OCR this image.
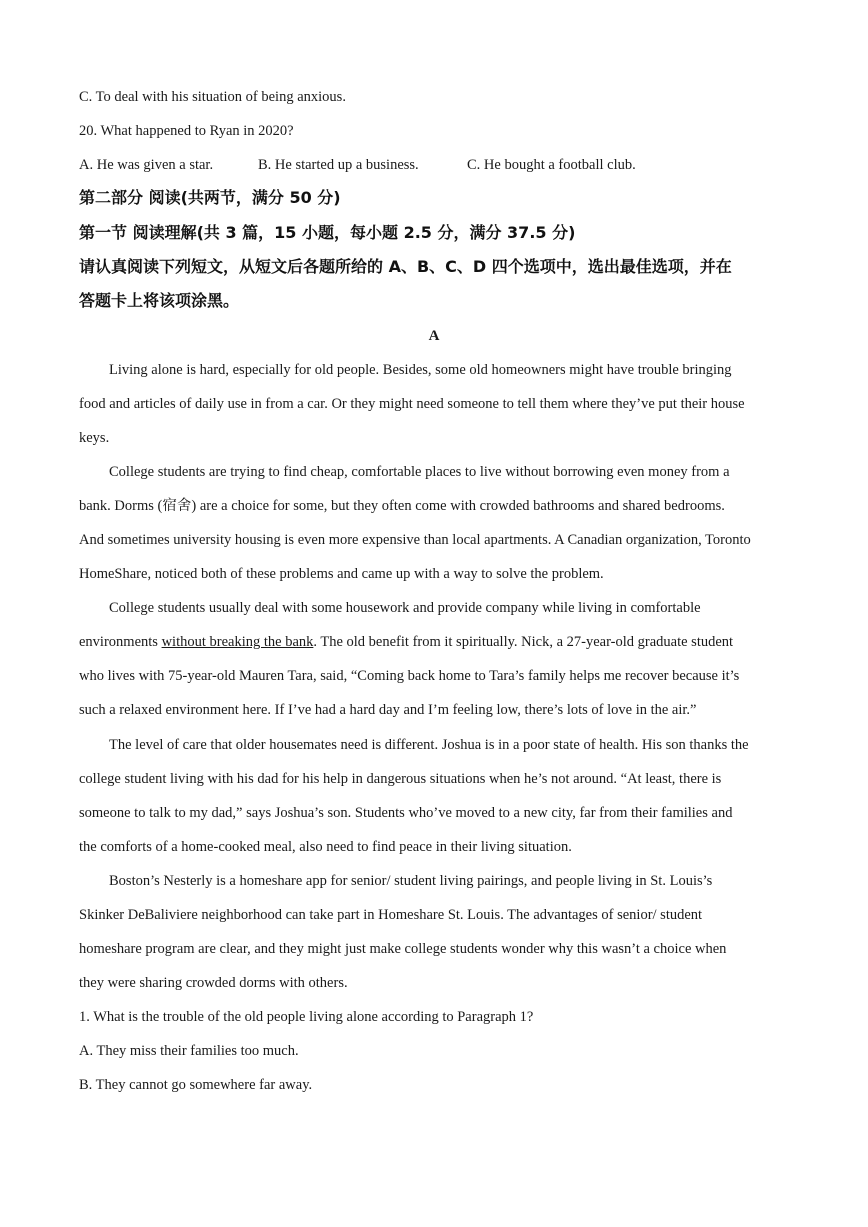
C. To deal with his situation of being anxious.
20. What happened to Ryan in 2020?
A. He was given a star.	B. He started up a business.	C. He bought a football club.
第二部分 阅读(共两节，满分 50 分)
第一节 阅读理解(共 3 篇，15 小题，每小题 2.5 分，满分 37.5 分)
请认真阅读下列短文，从短文后各题所给的 A、B、C、D 四个选项中，选出最佳选项，并在
答题卡上将该项涂黑。
A
Living alone is hard, especially for old people. Besides, some old homeowners might have trouble bringing
food and articles of daily use in from a car. Or they might need someone to tell them where they’ve put their house
keys.
College students are trying to find cheap, comfortable places to live without borrowing even money from a
bank. Dorms (宿舍) are a choice for some, but they often come with crowded bathrooms and shared bedrooms.
And sometimes university housing is even more expensive than local apartments. A Canadian organization, Toronto
HomeShare, noticed both of these problems and came up with a way to solve the problem.
College students usually deal with some housework and provide company while living in comfortable
environments without breaking the bank. The old benefit from it spiritually. Nick, a 27-year-old graduate student
who lives with 75-year-old Mauren Tara, said, “Coming back home to Tara’s family helps me recover because it’s
such a relaxed environment here. If I’ve had a hard day and I’m feeling low, there’s lots of love in the air.”
The level of care that older housemates need is different. Joshua is in a poor state of health. His son thanks the
college student living with his dad for his help in dangerous situations when he’s not around. “At least, there is
someone to talk to my dad,” says Joshua’s son. Students who’ve moved to a new city, far from their families and
the comforts of a home-cooked meal, also need to find peace in their living situation.
Boston’s Nesterly is a homeshare app for senior/ student living pairings, and people living in St. Louis’s
Skinker DeBaliviere neighborhood can take part in Homeshare St. Louis. The advantages of senior/ student
homeshare program are clear, and they might just make college students wonder why this wasn’t a choice when
they were sharing crowded dorms with others.
1. What is the trouble of the old people living alone according to Paragraph 1?
A. They miss their families too much.
B. They cannot go somewhere far away.
